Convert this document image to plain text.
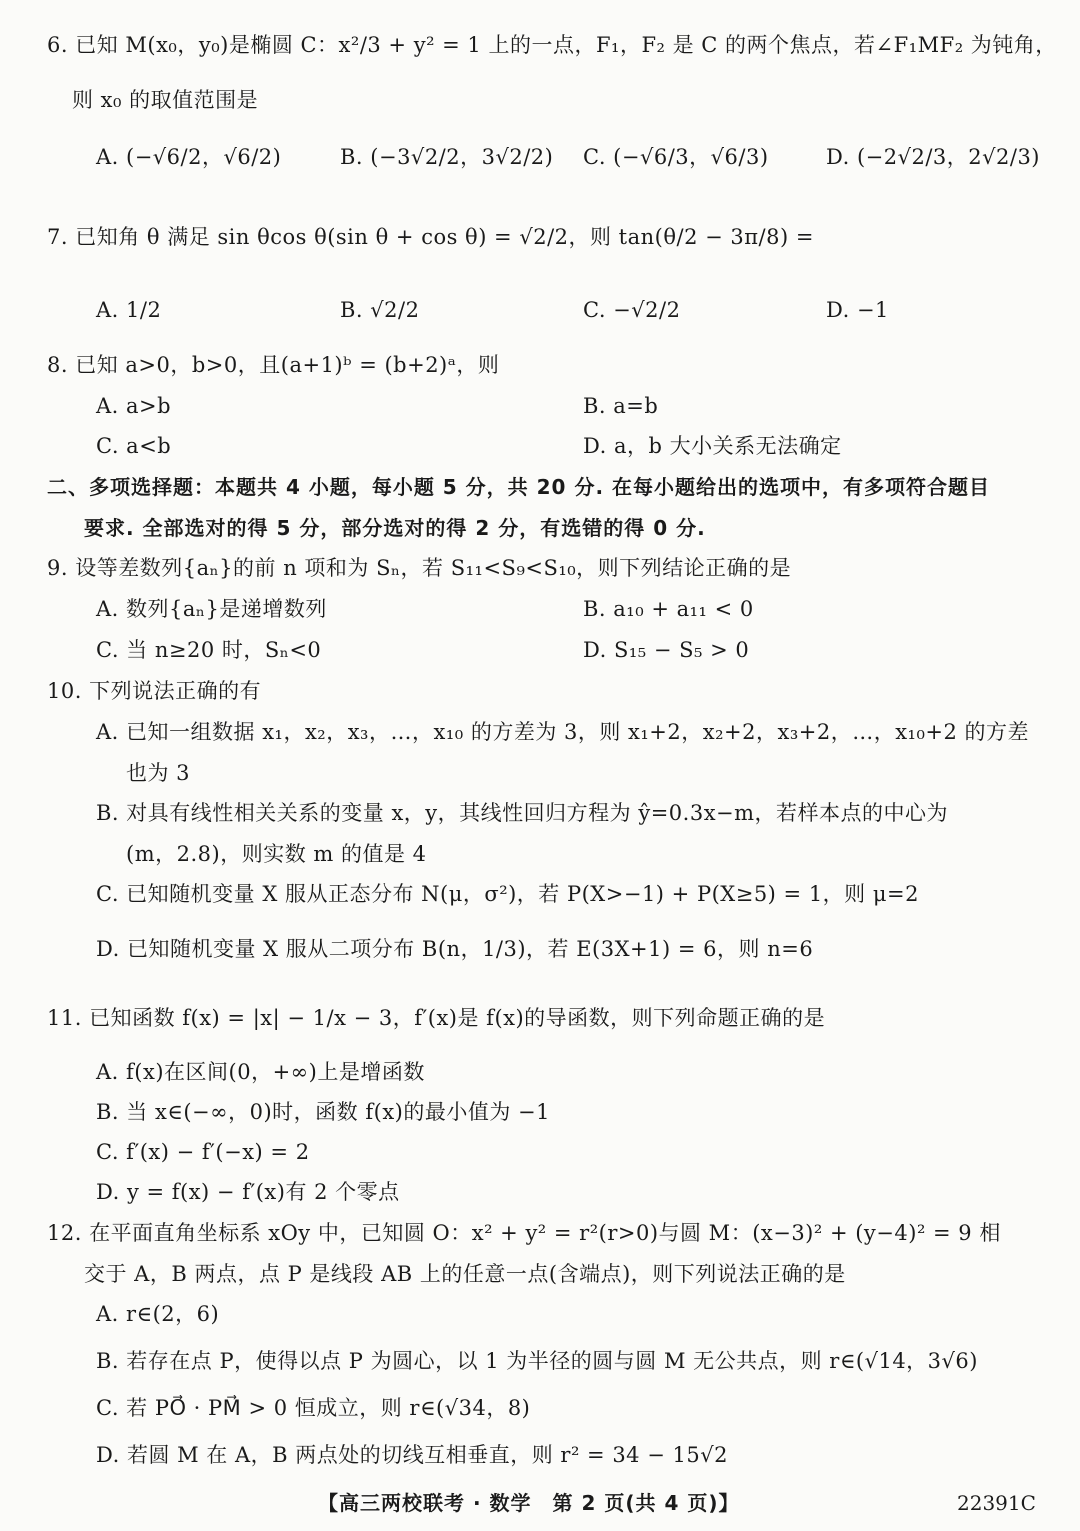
6. 已知 M(x₀，y₀)是椭圆 C：x²/3 + y² = 1 上的一点，F₁，F₂ 是 C 的两个焦点，若∠F₁MF₂ 为钝角，
则 x₀ 的取值范围是
A. (−√6/2，√6/2)	B. (−3√2/2，3√2/2) C. (−√6/3，√6/3)	D. (−2√2/3，2√2/3)
7. 已知角 θ 满足 sin θcos θ(sin θ + cos θ) = √2/2，则 tan(θ/2 − 3π/8) =
A. 1/2	B. √2/2	C. −√2/2	D. −1
8. 已知 a>0，b>0，且(a+1)ᵇ = (b+2)ᵃ，则
A. a>b	B. a=b
C. a<b	D. a，b 大小关系无法确定
二、多项选择题：本题共 4 小题，每小题 5 分，共 20 分. 在每小题给出的选项中，有多项符合题目
要求. 全部选对的得 5 分，部分选对的得 2 分，有选错的得 0 分.
9. 设等差数列{aₙ}的前 n 项和为 Sₙ，若 S₁₁<S₉<S₁₀，则下列结论正确的是
A. 数列{aₙ}是递增数列	B. a₁₀ + a₁₁ < 0
C. 当 n≥20 时，Sₙ<0	D. S₁₅ − S₅ > 0
10. 下列说法正确的有
A. 已知一组数据 x₁，x₂，x₃，…，x₁₀ 的方差为 3，则 x₁+2，x₂+2，x₃+2，…，x₁₀+2 的方差
也为 3
B. 对具有线性相关关系的变量 x，y，其线性回归方程为 ŷ=0.3x−m，若样本点的中心为
(m，2.8)，则实数 m 的值是 4
C. 已知随机变量 X 服从正态分布 N(μ，σ²)，若 P(X>−1) + P(X≥5) = 1，则 μ=2
D. 已知随机变量 X 服从二项分布 B(n，1/3)，若 E(3X+1) = 6，则 n=6
11. 已知函数 f(x) = |x| − 1/x − 3，f′(x)是 f(x)的导函数，则下列命题正确的是
A. f(x)在区间(0，+∞)上是增函数
B. 当 x∈(−∞，0)时，函数 f(x)的最小值为 −1
C. f′(x) − f′(−x) = 2
D. y = f(x) − f′(x)有 2 个零点
12. 在平面直角坐标系 xOy 中，已知圆 O：x² + y² = r²(r>0)与圆 M：(x−3)² + (y−4)² = 9 相
交于 A，B 两点，点 P 是线段 AB 上的任意一点(含端点)，则下列说法正确的是
A. r∈(2，6)
B. 若存在点 P，使得以点 P 为圆心，以 1 为半径的圆与圆 M 无公共点，则 r∈(√14，3√6)
C. 若 PO⃗ · PM⃗ > 0 恒成立，则 r∈(√34，8)
D. 若圆 M 在 A，B 两点处的切线互相垂直，则 r² = 34 − 15√2
【高三两校联考 · 数学　第 2 页(共 4 页)】	22391C
